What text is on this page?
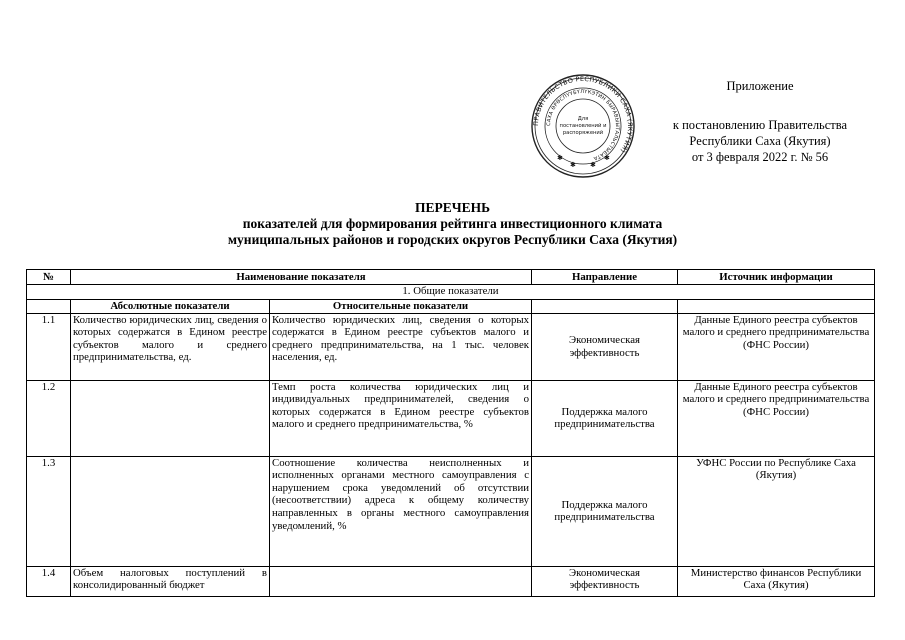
Приложение
к постановлению Правительства
Республики Саха (Якутия)
от 3 февраля 2022 г. № 56
ПРАВИТЕЛЬСТВО РЕСПУБЛИКИ САХА (ЯКУТИЯ)
САХА ӨРӨСПҮҮБҮЛҮКЭТИН БЫРАВЫЫТАЛЬСТЫБАТА
Для
постановлений и
распоряжений
✱
✱ ✱
✱
ПЕРЕЧЕНЬ
показателей для формирования рейтинга инвестиционного климата
муниципальных районов и городских округов Республики Саха (Якутия)
№	Наименование показателя		Направление	Источник информации
1. Общие показатели				
	Абсолютные показатели	Относительные показатели		
1.1	Количество юридических лиц, сведения о которых содержатся в Едином реестре субъектов малого и среднего предпринимательства, ед.	Количество юридических лиц, сведения о которых содержатся в Едином реестре субъектов малого и среднего предпринимательства, на 1 тыс. человек населения, ед.	Экономическая эффективность	Данные Единого реестра субъектов малого и среднего предпринимательства (ФНС России)
1.2		Темп роста количества юридических лиц и индивидуальных предпринимателей, сведения о которых содержатся в Едином реестре субъектов малого и среднего предпринимательства, %	Поддержка малого предпринимательства	Данные Единого реестра субъектов малого и среднего предпринимательства (ФНС России)
1.3		Соотношение количества неисполненных и исполненных органами местного самоуправления с нарушением срока уведомлений об отсутствии (несоответствии) адреса к общему количеству направленных в органы местного самоуправления уведомлений, %	Поддержка малого предпринимательства	УФНС России по Республике Саха (Якутия)
1.4	Объем налоговых поступлений в консолидированный бюджет		Экономическая эффективность	Министерство финансов Республики Саха (Якутия)
